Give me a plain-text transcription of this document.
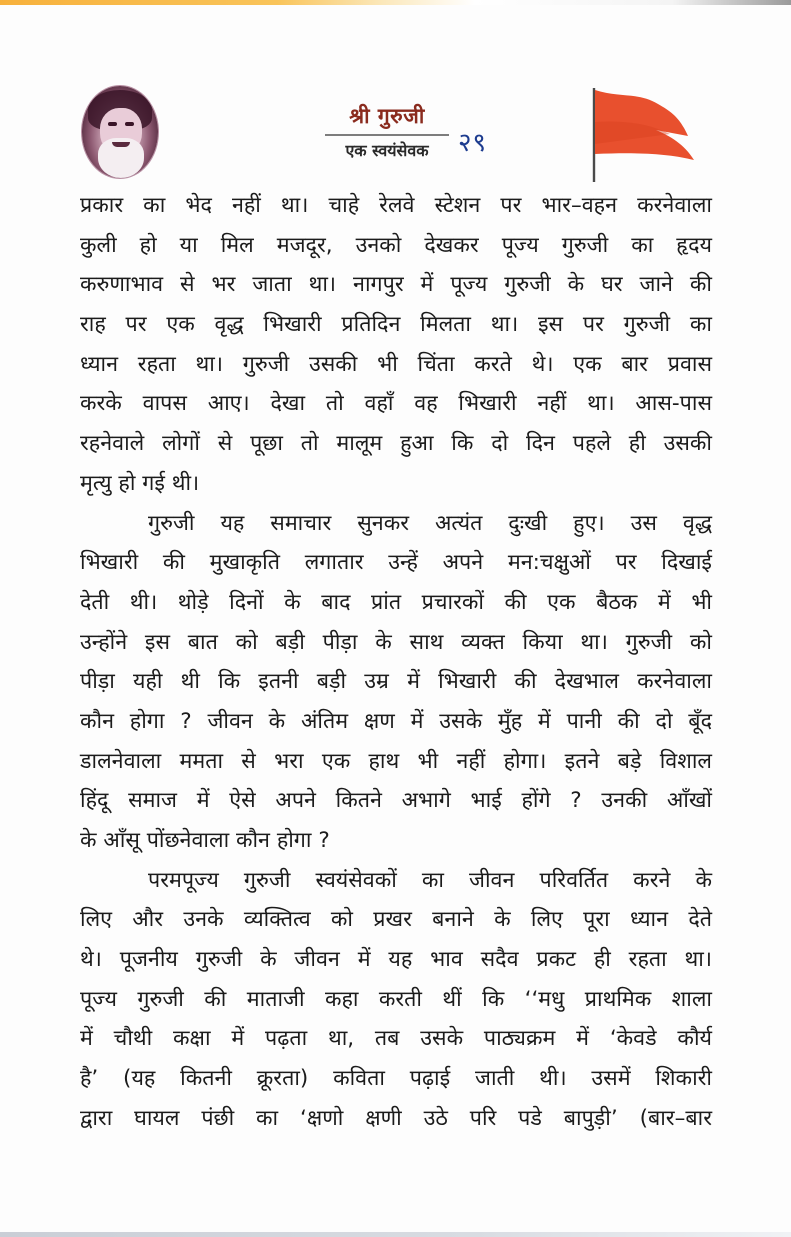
श्री गुरुजी
एक स्वयंसेवक	२९
प्रकार का भेद नहीं था। चाहे रेलवे स्टेशन पर भार–वहन करनेवाला
कुली हो या मिल मजदूर, उनको देखकर पूज्य गुरुजी का हृदय
करुणाभाव से भर जाता था। नागपुर में पूज्य गुरुजी के घर जाने की
राह पर एक वृद्ध भिखारी प्रतिदिन मिलता था। इस पर गुरुजी का
ध्यान रहता था। गुरुजी उसकी भी चिंता करते थे। एक बार प्रवास
करके वापस आए। देखा तो वहाँ वह भिखारी नहीं था। आस-पास
रहनेवाले लोगों से पूछा तो मालूम हुआ कि दो दिन पहले ही उसकी
मृत्यु हो गई थी।
गुरुजी यह समाचार सुनकर अत्यंत दुःखी हुए। उस वृद्ध
भिखारी की मुखाकृति लगातार उन्हें अपने मन:चक्षुओं पर दिखाई
देती थी। थोड़े दिनों के बाद प्रांत प्रचारकों की एक बैठक में भी
उन्होंने इस बात को बड़ी पीड़ा के साथ व्यक्त किया था। गुरुजी को
पीड़ा यही थी कि इतनी बड़ी उम्र में भिखारी की देखभाल करनेवाला
कौन होगा ? जीवन के अंतिम क्षण में उसके मुँह में पानी की दो बूँद
डालनेवाला ममता से भरा एक हाथ भी नहीं होगा। इतने बड़े विशाल
हिंदू समाज में ऐसे अपने कितने अभागे भाई होंगे ? उनकी आँखों
के आँसू पोंछनेवाला कौन होगा ?
परमपूज्य गुरुजी स्वयंसेवकों का जीवन परिवर्तित करने के
लिए और उनके व्यक्तित्व को प्रखर बनाने के लिए पूरा ध्यान देते
थे। पूजनीय गुरुजी के जीवन में यह भाव सदैव प्रकट ही रहता था।
पूज्य गुरुजी की माताजी कहा करती थीं कि ‘‘मधु प्राथमिक शाला
में चौथी कक्षा में पढ़ता था, तब उसके पाठ्यक्रम में ‘केवडे कौर्य
है’ (यह कितनी क्रूरता) कविता पढ़ाई जाती थी। उसमें शिकारी
द्वारा घायल पंछी का ‘क्षणो क्षणी उठे परि पडे बापुड़ी’ (बार–बार
